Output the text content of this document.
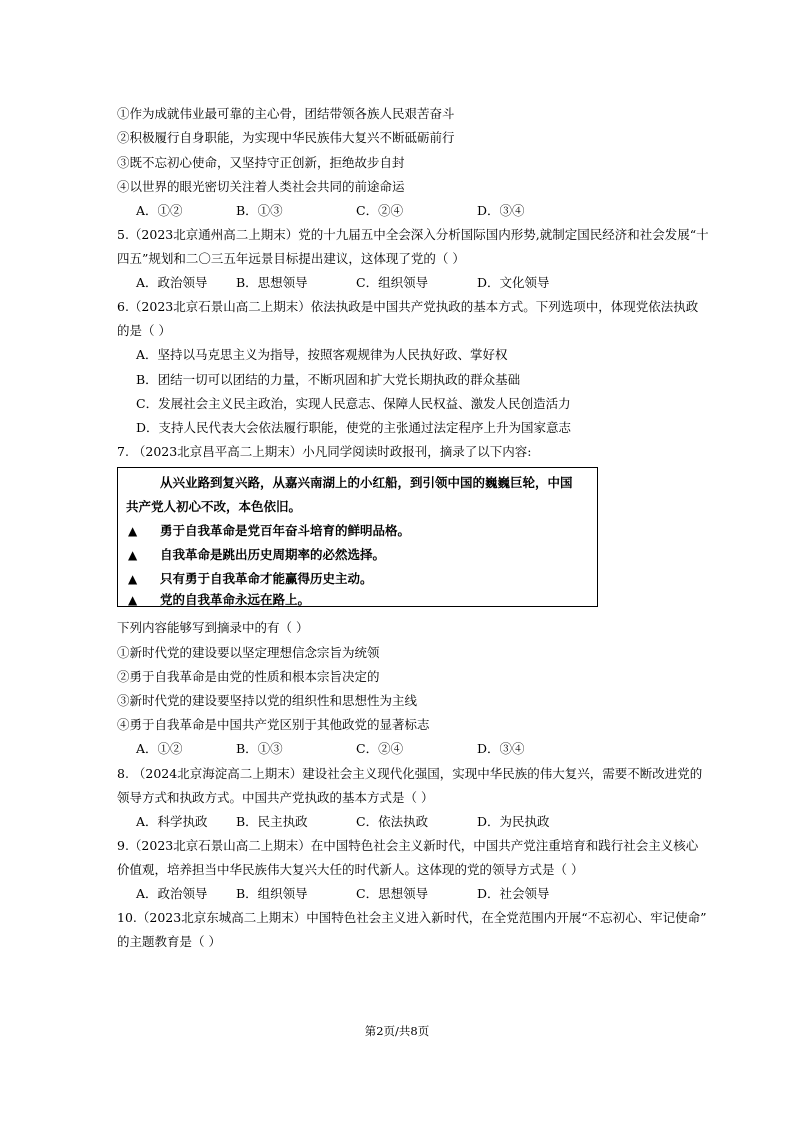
①作为成就伟业最可靠的主心骨，团结带领各族人民艰苦奋斗
②积极履行自身职能，为实现中华民族伟大复兴不断砥砺前行
③既不忘初心使命，又坚持守正创新，拒绝故步自封
④以世界的眼光密切关注着人类社会共同的前途命运
A．①②	B．①③	C．②④	D．③④
5.（2023北京通州高二上期末）党的十九届五中全会深入分析国际国内形势,就制定国民经济和社会发展“十
四五”规划和二〇三五年远景目标提出建议，这体现了党的（ ）
A．政治领导 B．思想领导	C．组织领导	D．文化领导
6.（2023北京石景山高二上期末）依法执政是中国共产党执政的基本方式。下列选项中，体现党依法执政
的是（ ）
A．坚持以马克思主义为指导，按照客观规律为人民执好政、掌好权
B．团结一切可以团结的力量，不断巩固和扩大党长期执政的群众基础
C．发展社会主义民主政治，实现人民意志、保障人民权益、激发人民创造活力
D．支持人民代表大会依法履行职能，使党的主张通过法定程序上升为国家意志
7. （2023北京昌平高二上期末）小凡同学阅读时政报刊，摘录了以下内容:
从兴业路到复兴路，从嘉兴南湖上的小红船，到引领中国的巍巍巨轮，中国
共产党人初心不改，本色依旧。
▲ 勇于自我革命是党百年奋斗培育的鲜明品格。
▲ 自我革命是跳出历史周期率的必然选择。
▲ 只有勇于自我革命才能赢得历史主动。
▲ 党的自我革命永远在路上。
下列内容能够写到摘录中的有（ ）
①新时代党的建设要以坚定理想信念宗旨为统领
②勇于自我革命是由党的性质和根本宗旨决定的
③新时代党的建设要坚持以党的组织性和思想性为主线
④勇于自我革命是中国共产党区别于其他政党的显著标志
A．①②	B．①③	C．②④	D．③④
8. （2024北京海淀高二上期末）建设社会主义现代化强国，实现中华民族的伟大复兴，需要不断改进党的
领导方式和执政方式。中国共产党执政的基本方式是（ ）
A．科学执政 B．民主执政	C．依法执政	D．为民执政
9.（2023北京石景山高二上期末）在中国特色社会主义新时代，中国共产党注重培育和践行社会主义核心
价值观，培养担当中华民族伟大复兴大任的时代新人。这体现的党的领导方式是（ ）
A．政治领导 B．组织领导	C．思想领导	D．社会领导
10.（2023北京东城高二上期末）中国特色社会主义进入新时代，在全党范围内开展“不忘初心、牢记使命”
的主题教育是（ ）
第2页/共8页
